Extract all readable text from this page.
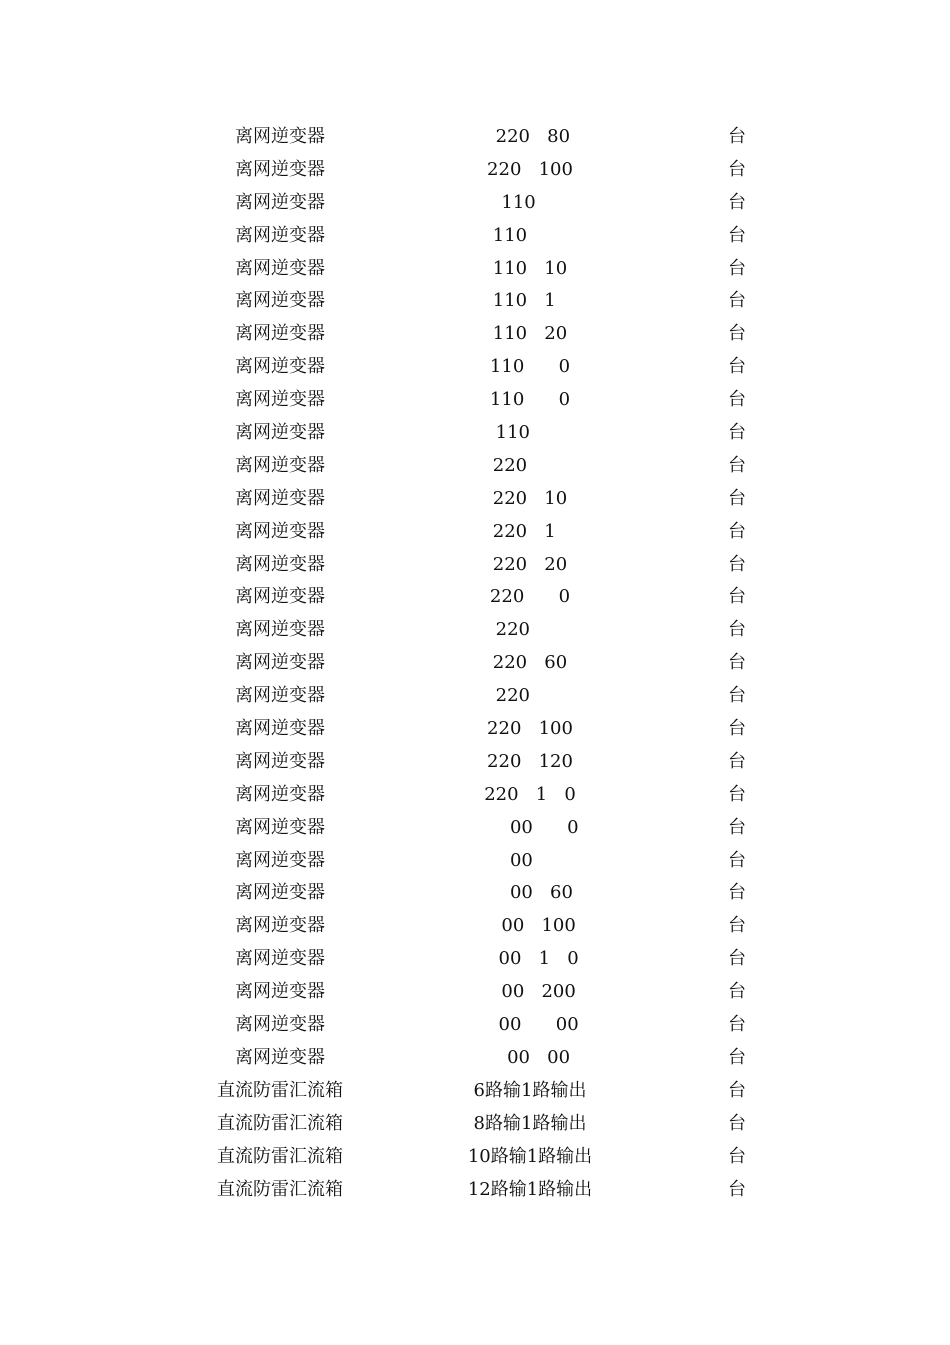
离网逆变器	220   80	台
离网逆变器	220   100	台
离网逆变器	110	台
离网逆变器	110	台
离网逆变器	110   10	台
离网逆变器	110   1	台
离网逆变器	110   20	台
离网逆变器	110      0	台
离网逆变器	110      0	台
离网逆变器	110	台
离网逆变器	220	台
离网逆变器	220   10	台
离网逆变器	220   1	台
离网逆变器	220   20	台
离网逆变器	220      0	台
离网逆变器	220	台
离网逆变器	220   60	台
离网逆变器	220	台
离网逆变器	220   100	台
离网逆变器	220   120	台
离网逆变器	220   1   0	台
离网逆变器	00      0	台
离网逆变器	00	台
离网逆变器	00   60	台
离网逆变器	00   100	台
离网逆变器	00   1   0	台
离网逆变器	00   200	台
离网逆变器	00      00	台
离网逆变器	00   00	台
直流防雷汇流箱	6路输1路输出	台
直流防雷汇流箱	8路输1路输出	台
直流防雷汇流箱	10路输1路输出	台
直流防雷汇流箱	12路输1路输出	台
